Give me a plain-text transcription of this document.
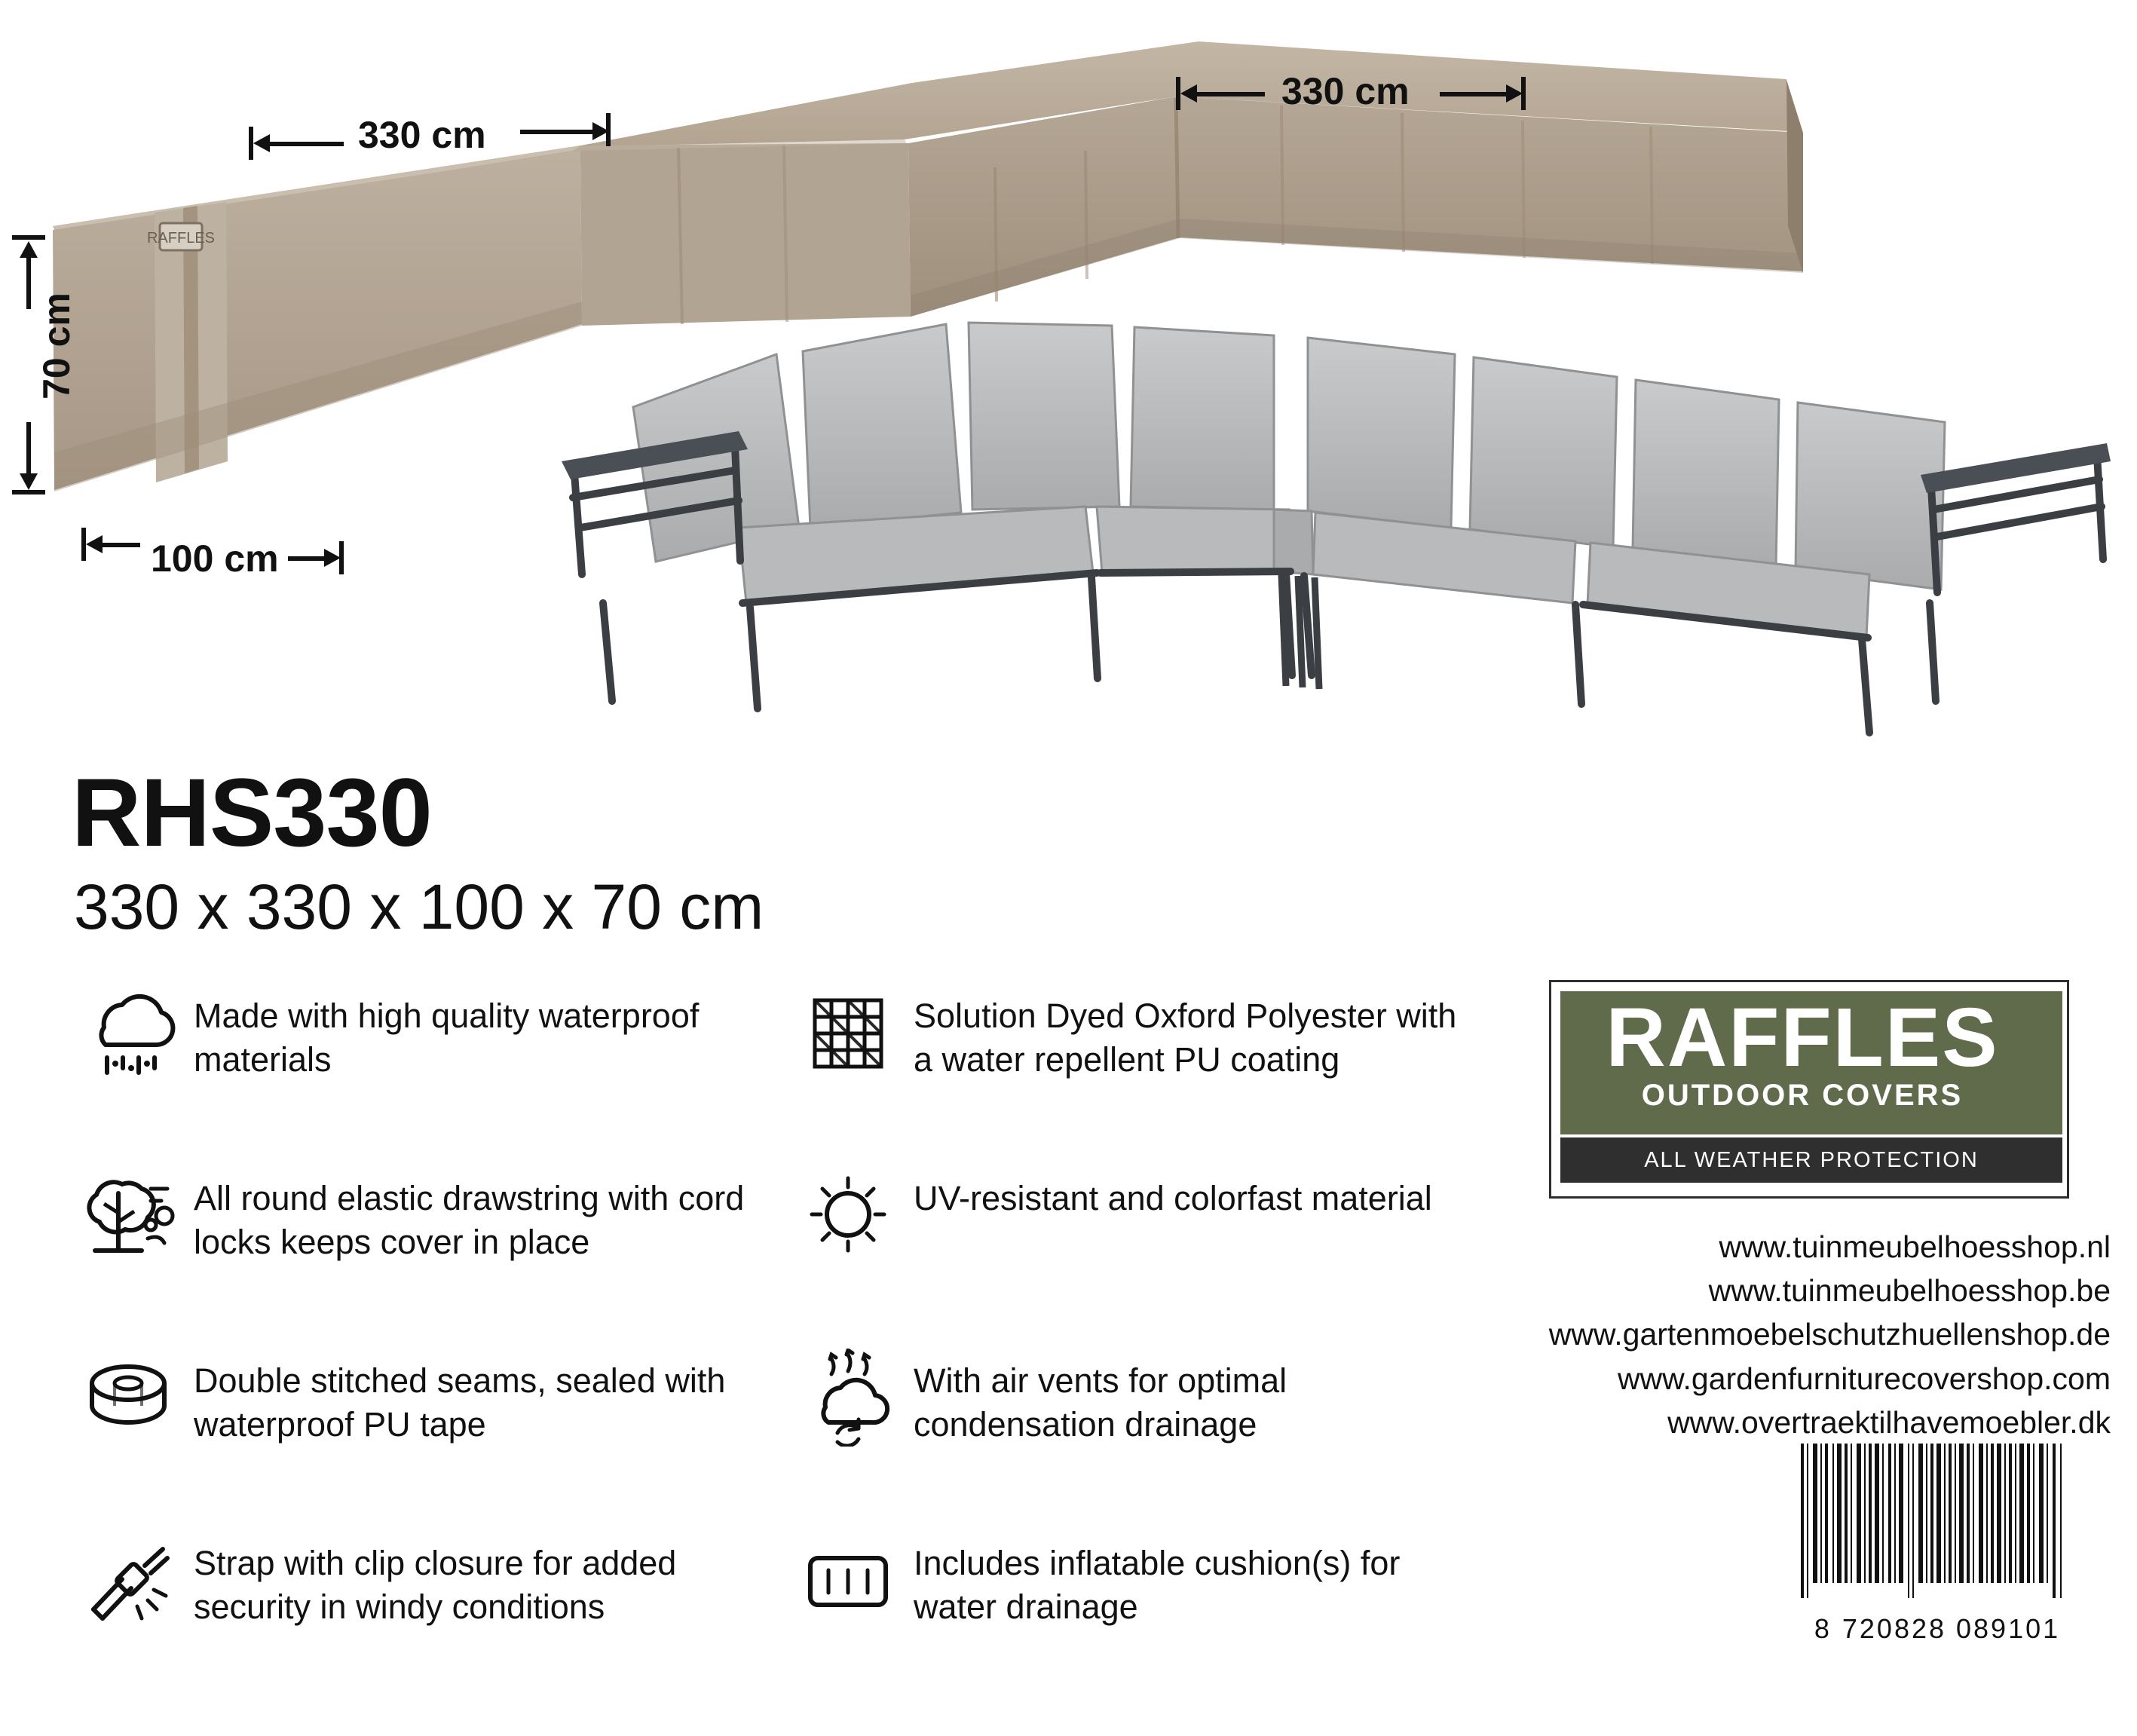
RAFFLES
330 cm
330 cm
70 cm
100 cm
RHS330
330 x 330 x 100 x 70 cm
Made with high quality waterproof materials
All round elastic drawstring with cord locks keeps cover in place
Double stitched seams, sealed with waterproof PU tape
Strap with clip closure for added security in windy conditions
Solution Dyed Oxford Polyester with a water repellent PU coating
UV-resistant and colorfast material
With air vents for optimal condensation drainage
Includes inflatable cushion(s) for water drainage
RAFFLES
OUTDOOR COVERS
ALL WEATHER PROTECTION
www.tuinmeubelhoesshop.nl
www.tuinmeubelhoesshop.be
www.gartenmoebelschutzhuellenshop.de
www.gardenfurniturecovershop.com
www.overtraektilhavemoebler.dk
8 720828 089101
